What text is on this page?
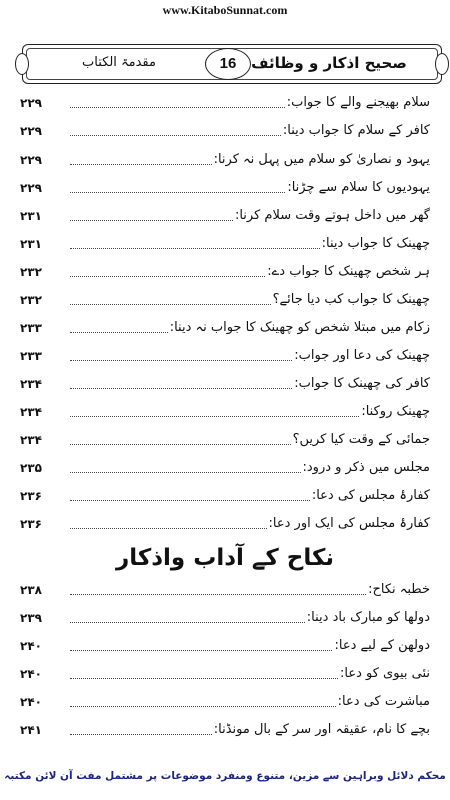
www.KitaboSunnat.com
مقدمۃ الکتاب	16 صحیح اذکار و وظائف
۲۲۹	سلام بھیجنے والے کا جواب:
۲۲۹	کافر کے سلام کا جواب دینا:
۲۲۹	یہود و نصاریٰ کو سلام میں پہل نہ کرنا:
۲۲۹	یہودیوں کا سلام سے چڑنا:
۲۳۱	گھر میں داخل ہوتے وقت سلام کرنا:
۲۳۱	چھینک کا جواب دینا:
۲۳۲	ہر شخص چھینک کا جواب دے:
۲۳۲	چھینک کا جواب کب دیا جائے؟
۲۳۳	زکام میں مبتلا شخص کو چھینک کا جواب نہ دینا:
۲۳۳	چھینک کی دعا اور جواب:
۲۳۴	کافر کی چھینک کا جواب:
۲۳۴	چھینک روکنا:
۲۳۴	جمائی کے وقت کیا کریں؟
۲۳۵	مجلس میں ذکر و درود:
۲۳۶	کفارۂ مجلس کی دعا:
۲۳۶	کفارۂ مجلس کی ایک اور دعا:
نکاح کے آداب واذکار
۲۳۸	خطبہ نکاح:
۲۳۹	دولھا کو مبارک باد دینا:
۲۴۰	دولھن کے لیے دعا:
۲۴۰	نئی بیوی کو دعا:
۲۴۰	مباشرت کی دعا:
۲۴۱	بچے کا نام، عقیقہ اور سر کے بال مونڈنا:
محکم دلائل وبراہین سے مزین، متنوع ومنفرد موضوعات پر مشتمل مفت آن لائن مکتبہ
